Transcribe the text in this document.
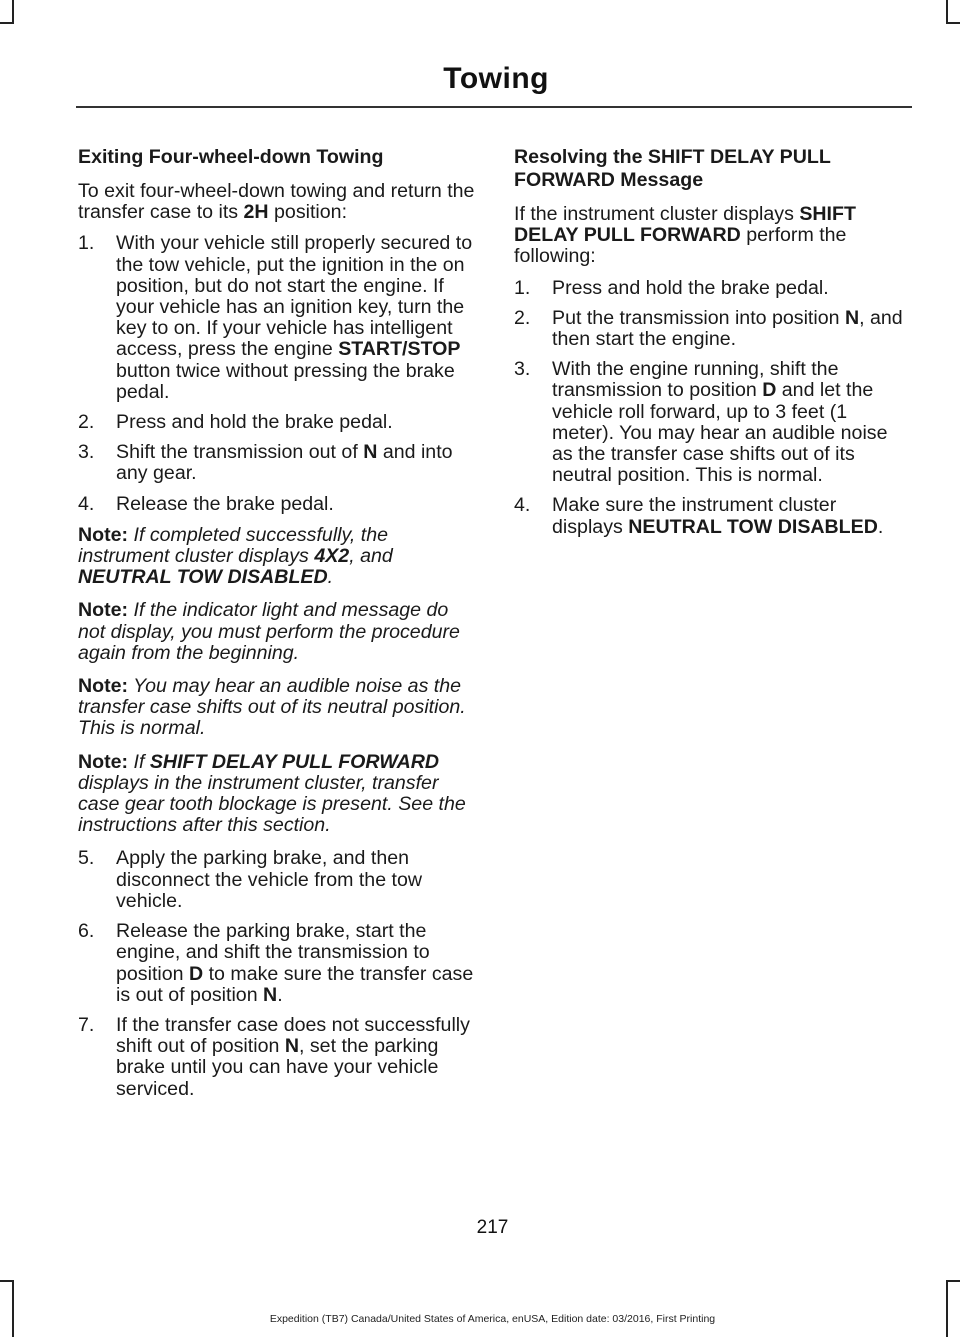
Towing
Exiting Four-wheel-down Towing
To exit four-wheel-down towing and return the transfer case to its 2H position:
1. With your vehicle still properly secured to the tow vehicle, put the ignition in the on position, but do not start the engine. If your vehicle has an ignition key, turn the key to on. If your vehicle has intelligent access, press the engine START/STOP button twice without pressing the brake pedal.
2. Press and hold the brake pedal.
3. Shift the transmission out of N and into any gear.
4. Release the brake pedal.
Note: If completed successfully, the instrument cluster displays 4X2, and NEUTRAL TOW DISABLED.
Note: If the indicator light and message do not display, you must perform the procedure again from the beginning.
Note: You may hear an audible noise as the transfer case shifts out of its neutral position. This is normal.
Note: If SHIFT DELAY PULL FORWARD displays in the instrument cluster, transfer case gear tooth blockage is present. See the instructions after this section.
5. Apply the parking brake, and then disconnect the vehicle from the tow vehicle.
6. Release the parking brake, start the engine, and shift the transmission to position D to make sure the transfer case is out of position N.
7. If the transfer case does not successfully shift out of position N, set the parking brake until you can have your vehicle serviced.
Resolving the SHIFT DELAY PULL FORWARD Message
If the instrument cluster displays SHIFT DELAY PULL FORWARD perform the following:
1. Press and hold the brake pedal.
2. Put the transmission into position N, and then start the engine.
3. With the engine running, shift the transmission to position D and let the vehicle roll forward, up to 3 feet (1 meter). You may hear an audible noise as the transfer case shifts out of its neutral position. This is normal.
4. Make sure the instrument cluster displays NEUTRAL TOW DISABLED.
217
Expedition (TB7) Canada/United States of America, enUSA, Edition date: 03/2016, First Printing
